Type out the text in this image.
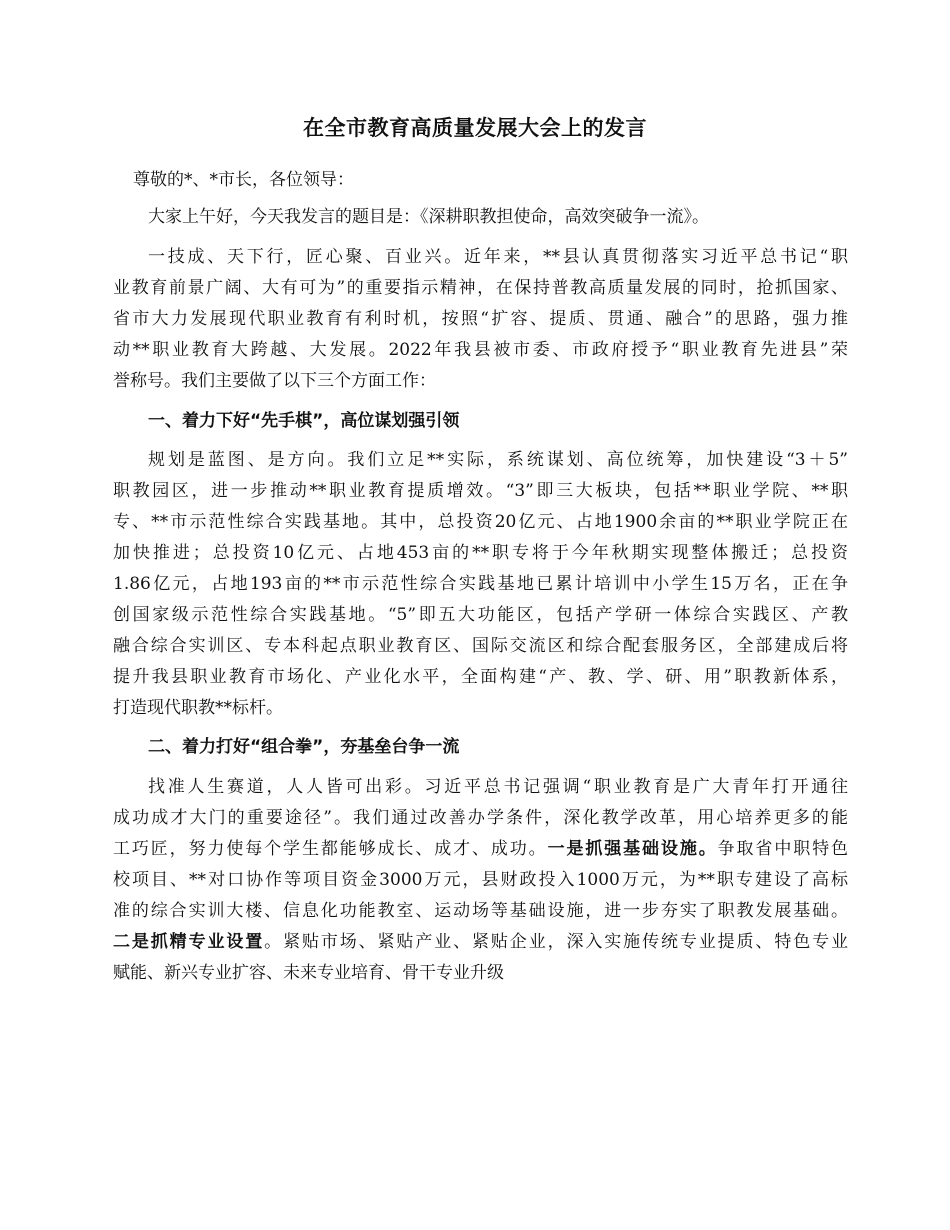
在全市教育高质量发展大会上的发言

尊敬的*、*市长，各位领导：

大家上午好，今天我发言的题目是：《深耕职教担使命，高效突破争一流》。

一技成、天下行，匠心聚、百业兴。近年来，**县认真贯彻落实习近平总书记“职

业教育前景广阔、大有可为”的重要指示精神，在保持普教高质量发展的同时，抢抓国家、

省市大力发展现代职业教育有利时机，按照“扩容、提质、贯通、融合”的思路，强力推

动**职业教育大跨越、大发展。2022年我县被市委、市政府授予“职业教育先进县”荣

誉称号。我们主要做了以下三个方面工作：

一、着力下好“先手棋”，高位谋划强引领

规划是蓝图、是方向。我们立足**实际，系统谋划、高位统筹，加快建设“3＋5”

职教园区，进一步推动**职业教育提质增效。“3”即三大板块，包括**职业学院、**职

专、**市示范性综合实践基地。其中，总投资20亿元、占地1900余亩的**职业学院正在

加快推进；总投资10亿元、占地453亩的**职专将于今年秋期实现整体搬迁；总投资

1.86亿元，占地193亩的**市示范性综合实践基地已累计培训中小学生15万名，正在争

创国家级示范性综合实践基地。“5”即五大功能区，包括产学研一体综合实践区、产教

融合综合实训区、专本科起点职业教育区、国际交流区和综合配套服务区，全部建成后将

提升我县职业教育市场化、产业化水平，全面构建“产、教、学、研、用”职教新体系，

打造现代职教**标杆。

二、着力打好“组合拳”，夯基垒台争一流

找准人生赛道，人人皆可出彩。习近平总书记强调“职业教育是广大青年打开通往

成功成才大门的重要途径”。我们通过改善办学条件，深化教学改革，用心培养更多的能

工巧匠，努力使每个学生都能够成长、成才、成功。一是抓强基础设施。争取省中职特色

校项目、**对口协作等项目资金3000万元，县财政投入1000万元，为**职专建设了高标

准的综合实训大楼、信息化功能教室、运动场等基础设施，进一步夯实了职教发展基础。

二是抓精专业设置。紧贴市场、紧贴产业、紧贴企业，深入实施传统专业提质、特色专业

赋能、新兴专业扩容、未来专业培育、骨干专业升级
